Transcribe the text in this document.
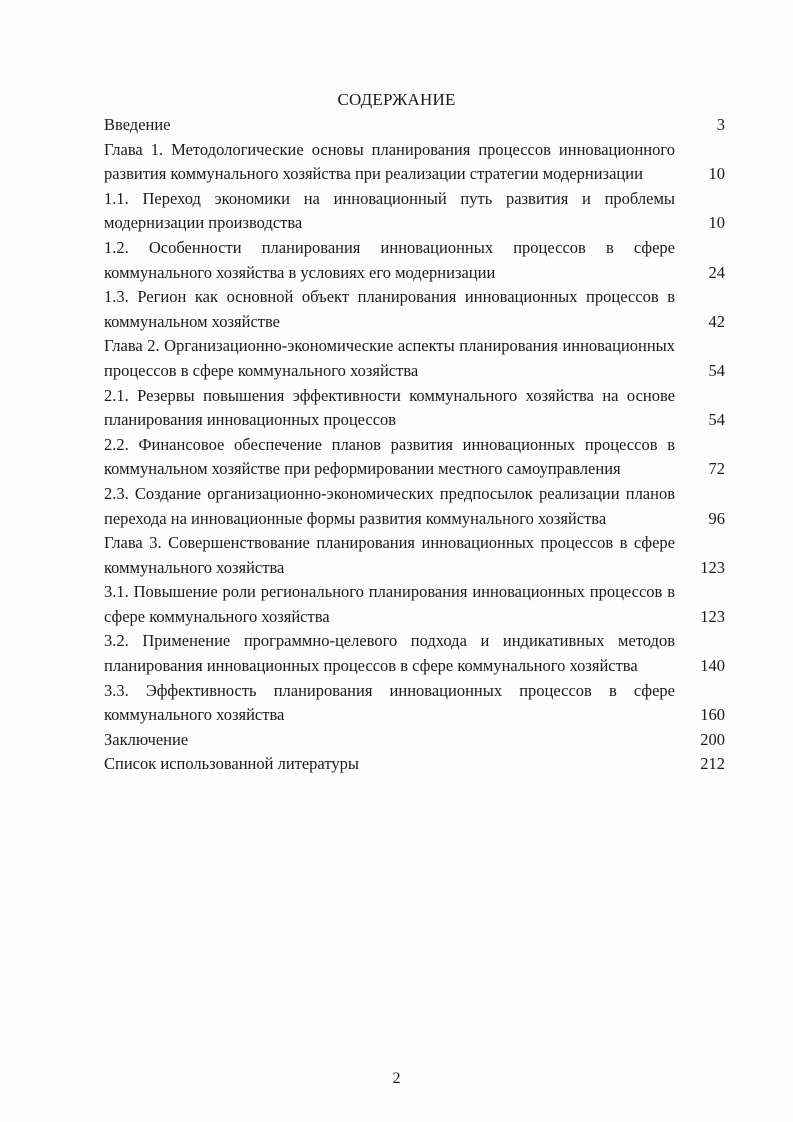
СОДЕРЖАНИЕ
Введение	3
Глава 1. Методологические основы планирования процессов инновационного развития коммунального хозяйства при реализации стратегии модернизации	10
1.1. Переход экономики на инновационный путь развития и проблемы модернизации производства	10
1.2. Особенности планирования инновационных процессов в сфере коммунального хозяйства в условиях его модернизации	24
1.3. Регион как основной объект планирования инновационных процессов в коммунальном хозяйстве	42
Глава 2. Организационно-экономические аспекты планирования инновационных процессов в сфере коммунального хозяйства	54
2.1. Резервы повышения эффективности коммунального хозяйства на основе планирования инновационных процессов	54
2.2. Финансовое обеспечение планов развития инновационных процессов в коммунальном хозяйстве при реформировании местного самоуправления	72
2.3. Создание организационно-экономических предпосылок реализации планов перехода на инновационные формы развития коммунального хозяйства	96
Глава 3. Совершенствование планирования инновационных процессов в сфере коммунального хозяйства	123
3.1. Повышение роли регионального планирования инновационных процессов в сфере коммунального хозяйства	123
3.2. Применение программно-целевого подхода и индикативных методов планирования инновационных процессов в сфере коммунального хозяйства	140
3.3. Эффективность планирования инновационных процессов в сфере коммунального хозяйства	160
Заключение	200
Список использованной литературы	212
2
